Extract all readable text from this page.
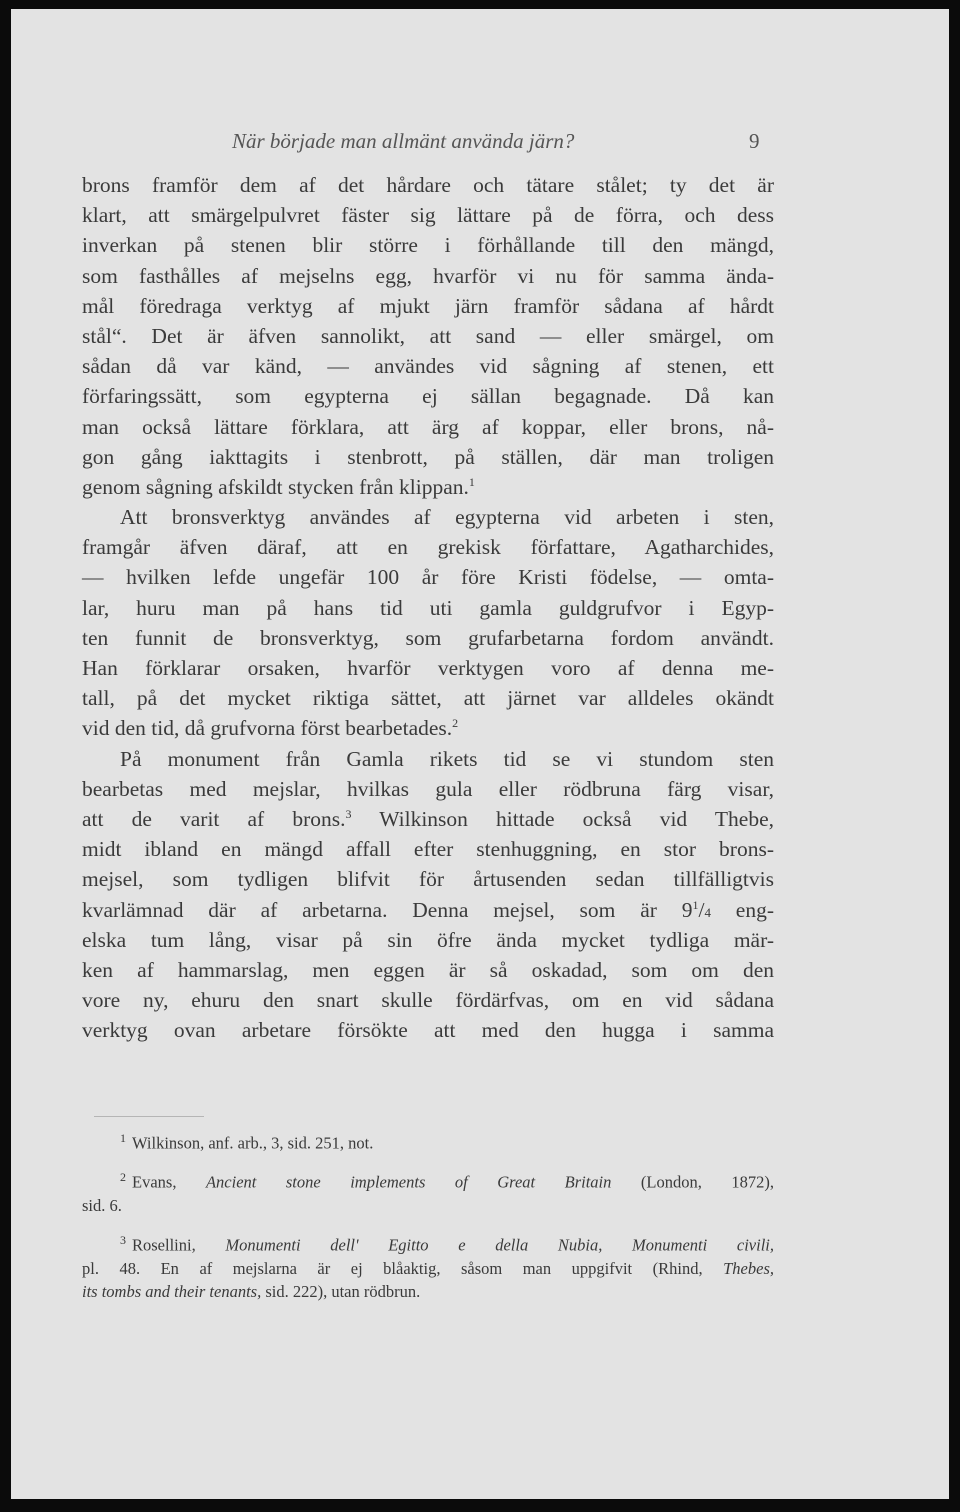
När började man allmänt använda järn?	9
brons framför dem af det hårdare och tätare stålet; ty det är
klart, att smärgelpulvret fäster sig lättare på de förra, och dess
inverkan på stenen blir större i förhållande till den mängd,
som fasthålles af mejselns egg, hvarför vi nu för samma ända-
mål föredraga verktyg af mjukt järn framför sådana af hårdt
stål“. Det är äfven sannolikt, att sand — eller smärgel, om
sådan då var känd, — användes vid sågning af stenen, ett
förfaringssätt, som egypterna ej sällan begagnade. Då kan
man också lättare förklara, att ärg af koppar, eller brons, nå-
gon gång iakttagits i stenbrott, på ställen, där man troligen
genom sågning afskildt stycken från klippan.$^1$
Att bronsverktyg användes af egypterna vid arbeten i sten,
framgår äfven däraf, att en grekisk författare, Agatharchides,
— hvilken lefde ungefär 100 år före Kristi födelse, — omta-
lar, huru man på hans tid uti gamla guldgrufvor i Egyp-
ten funnit de bronsverktyg, som grufarbetarna fordom användt.
Han förklarar orsaken, hvarför verktygen voro af denna me-
tall, på det mycket riktiga sättet, att järnet var alldeles okändt
vid den tid, då grufvorna först bearbetades.$^2$
På monument från Gamla rikets tid se vi stundom sten
bearbetas med mejslar, hvilkas gula eller rödbruna färg visar,
att de varit af brons.$^3$ Wilkinson hittade också vid Thebe,
midt ibland en mängd affall efter stenhuggning, en stor brons-
mejsel, som tydligen blifvit för årtusenden sedan tillfälligtvis
kvarlämnad där af arbetarna. Denna mejsel, som är $9^1/4$ eng-
elska tum lång, visar på sin öfre ända mycket tydliga mär-
ken af hammarslag, men eggen är så oskadad, som om den
vore ny, ehuru den snart skulle fördärfvas, om en vid sådana
verktyg ovan arbetare försökte att med den hugga i samma
$^1$ Wilkinson, anf. arb., 3, sid. 251, not.
$^2$ Evans, Ancient stone implements of Great Britain (London, 1872),
sid. 6.
$^3$ Rosellini, Monumenti dell' Egitto e della Nubia, Monumenti civili,
pl. 48. En af mejslarna är ej blåaktig, såsom man uppgifvit (Rhind, Thebes,
its tombs and their tenants, sid. 222), utan rödbrun.
